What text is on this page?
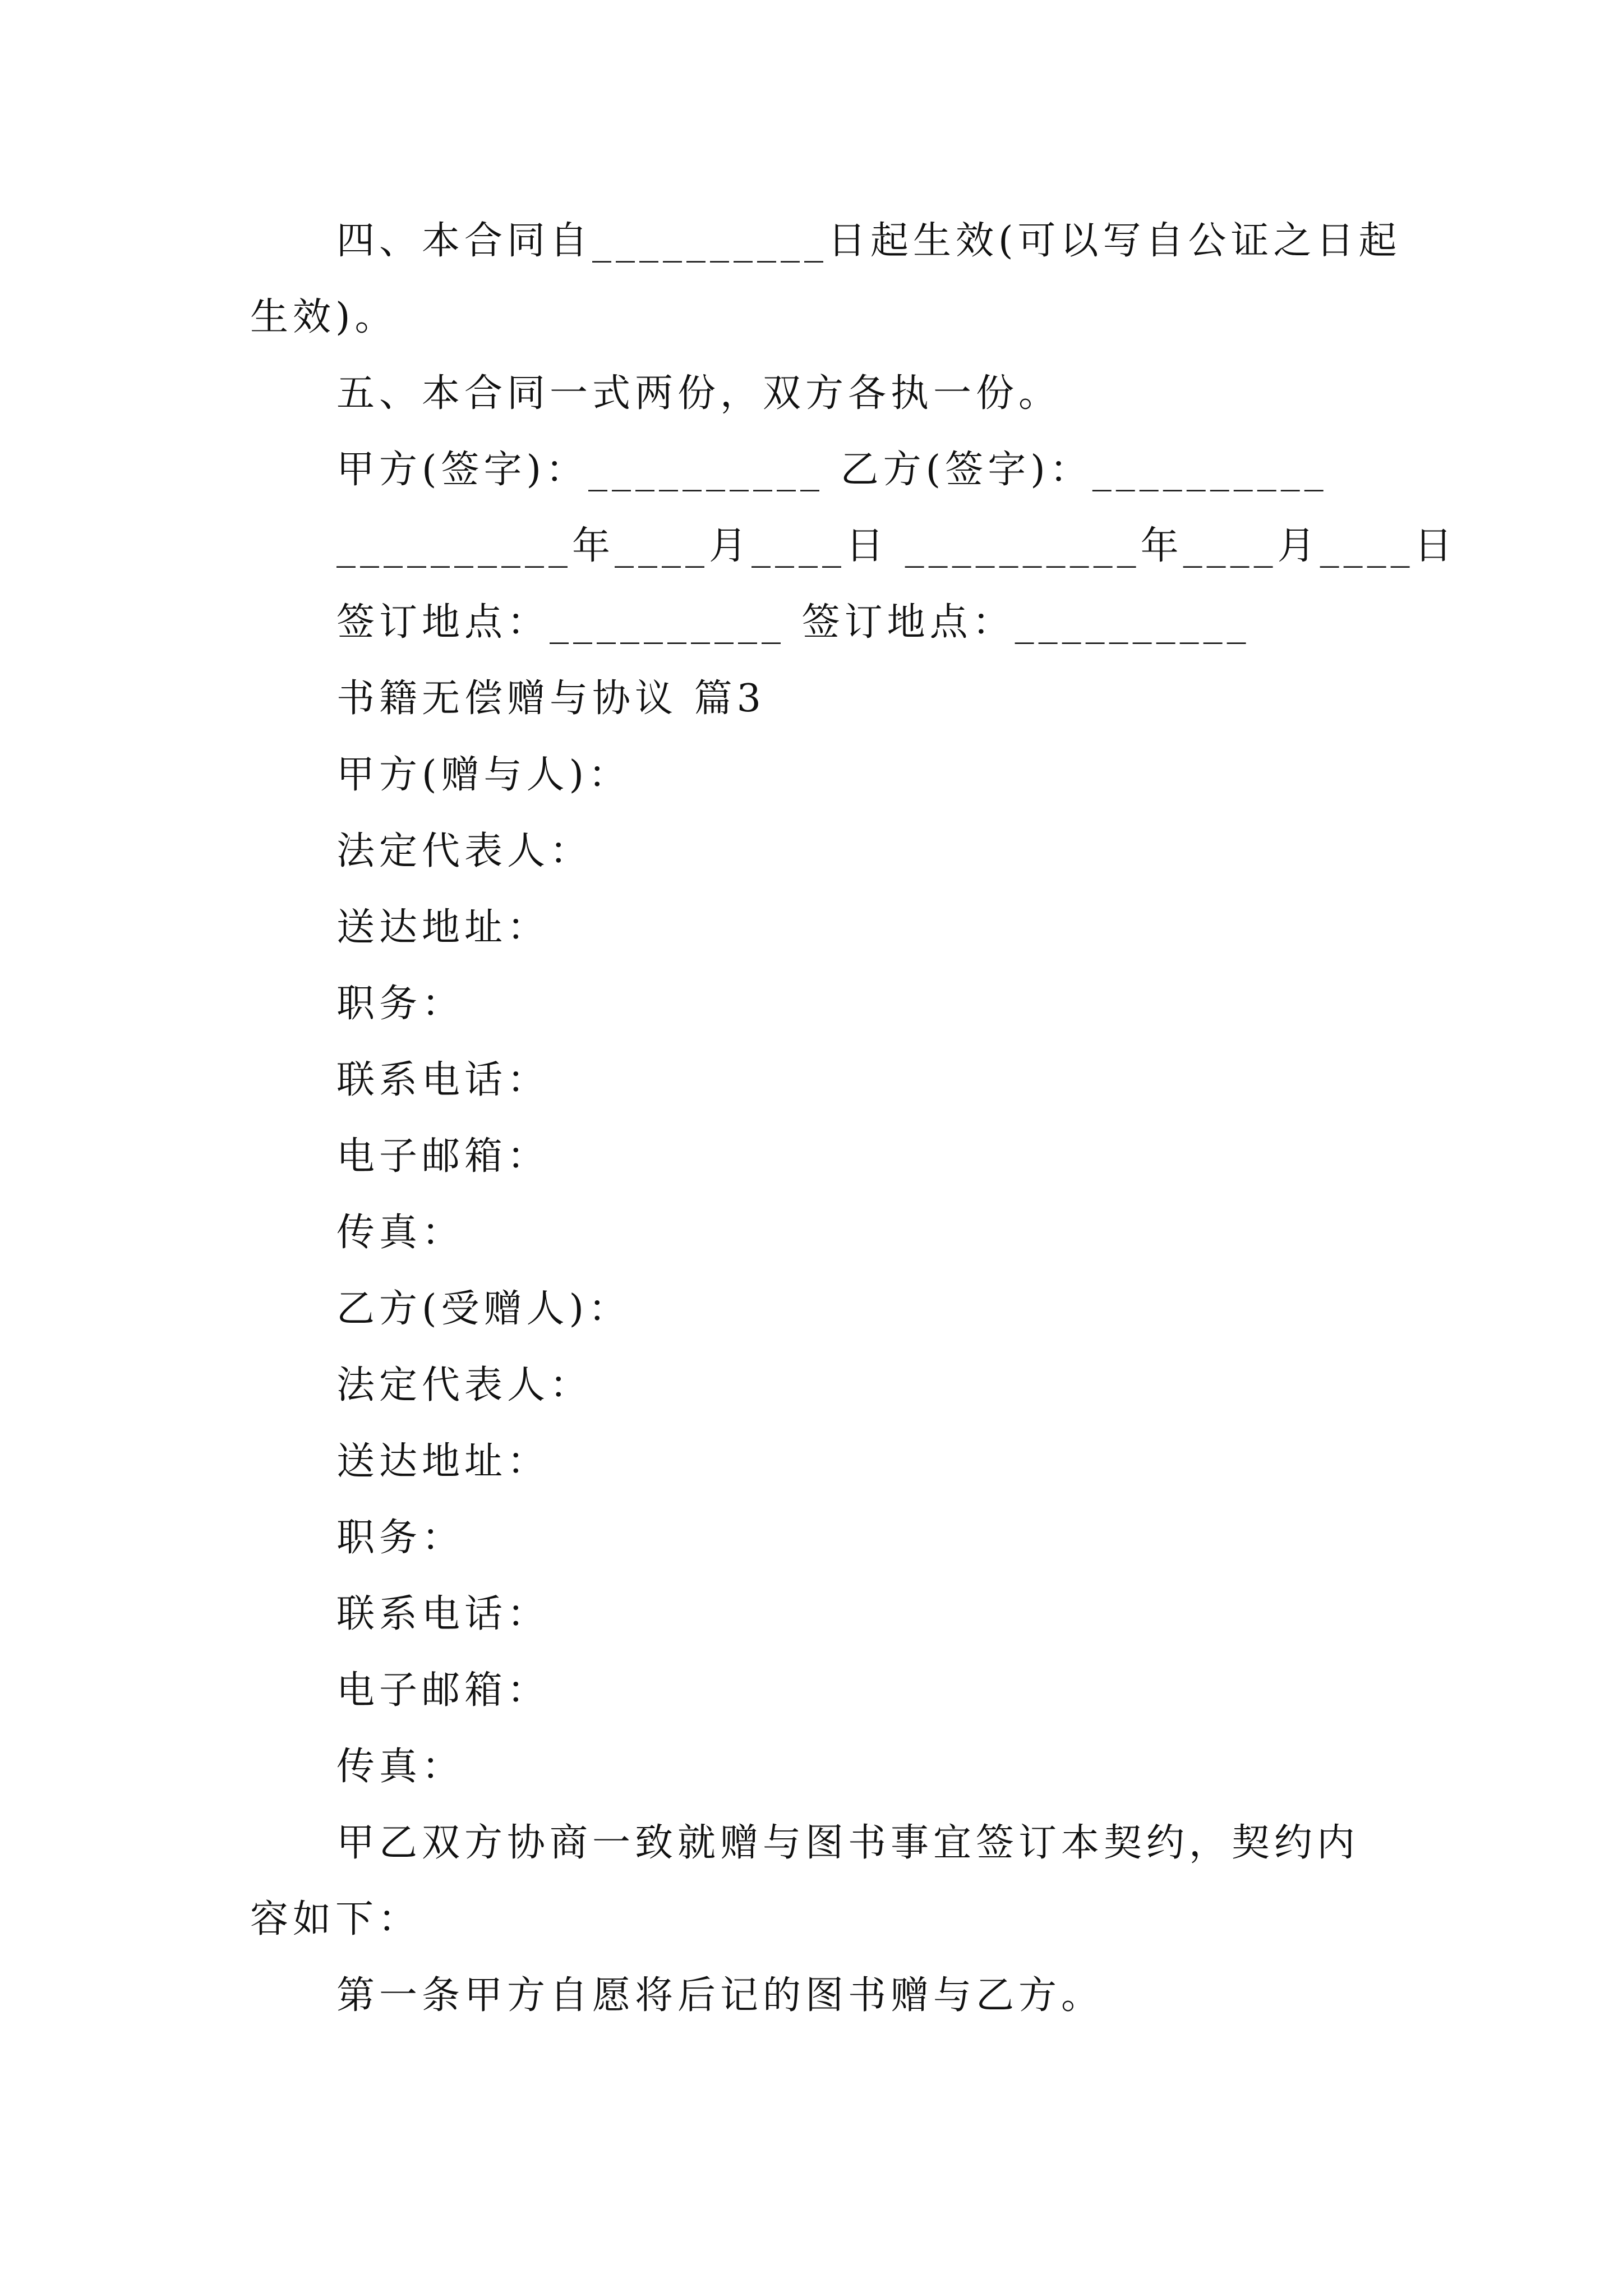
四、本合同自__________日起生效(可以写自公证之日起
生效)。
五、本合同一式两份，双方各执一份。
甲方(签字)：__________ 乙方(签字)：__________
__________年____月____日 __________年____月____日
签订地点：__________ 签订地点：__________
书籍无偿赠与协议 篇3
甲方(赠与人)：
法定代表人：
送达地址：
职务：
联系电话：
电子邮箱：
传真：
乙方(受赠人)：
法定代表人：
送达地址：
职务：
联系电话：
电子邮箱：
传真：
甲乙双方协商一致就赠与图书事宜签订本契约，契约内
容如下：
第一条甲方自愿将后记的图书赠与乙方。
